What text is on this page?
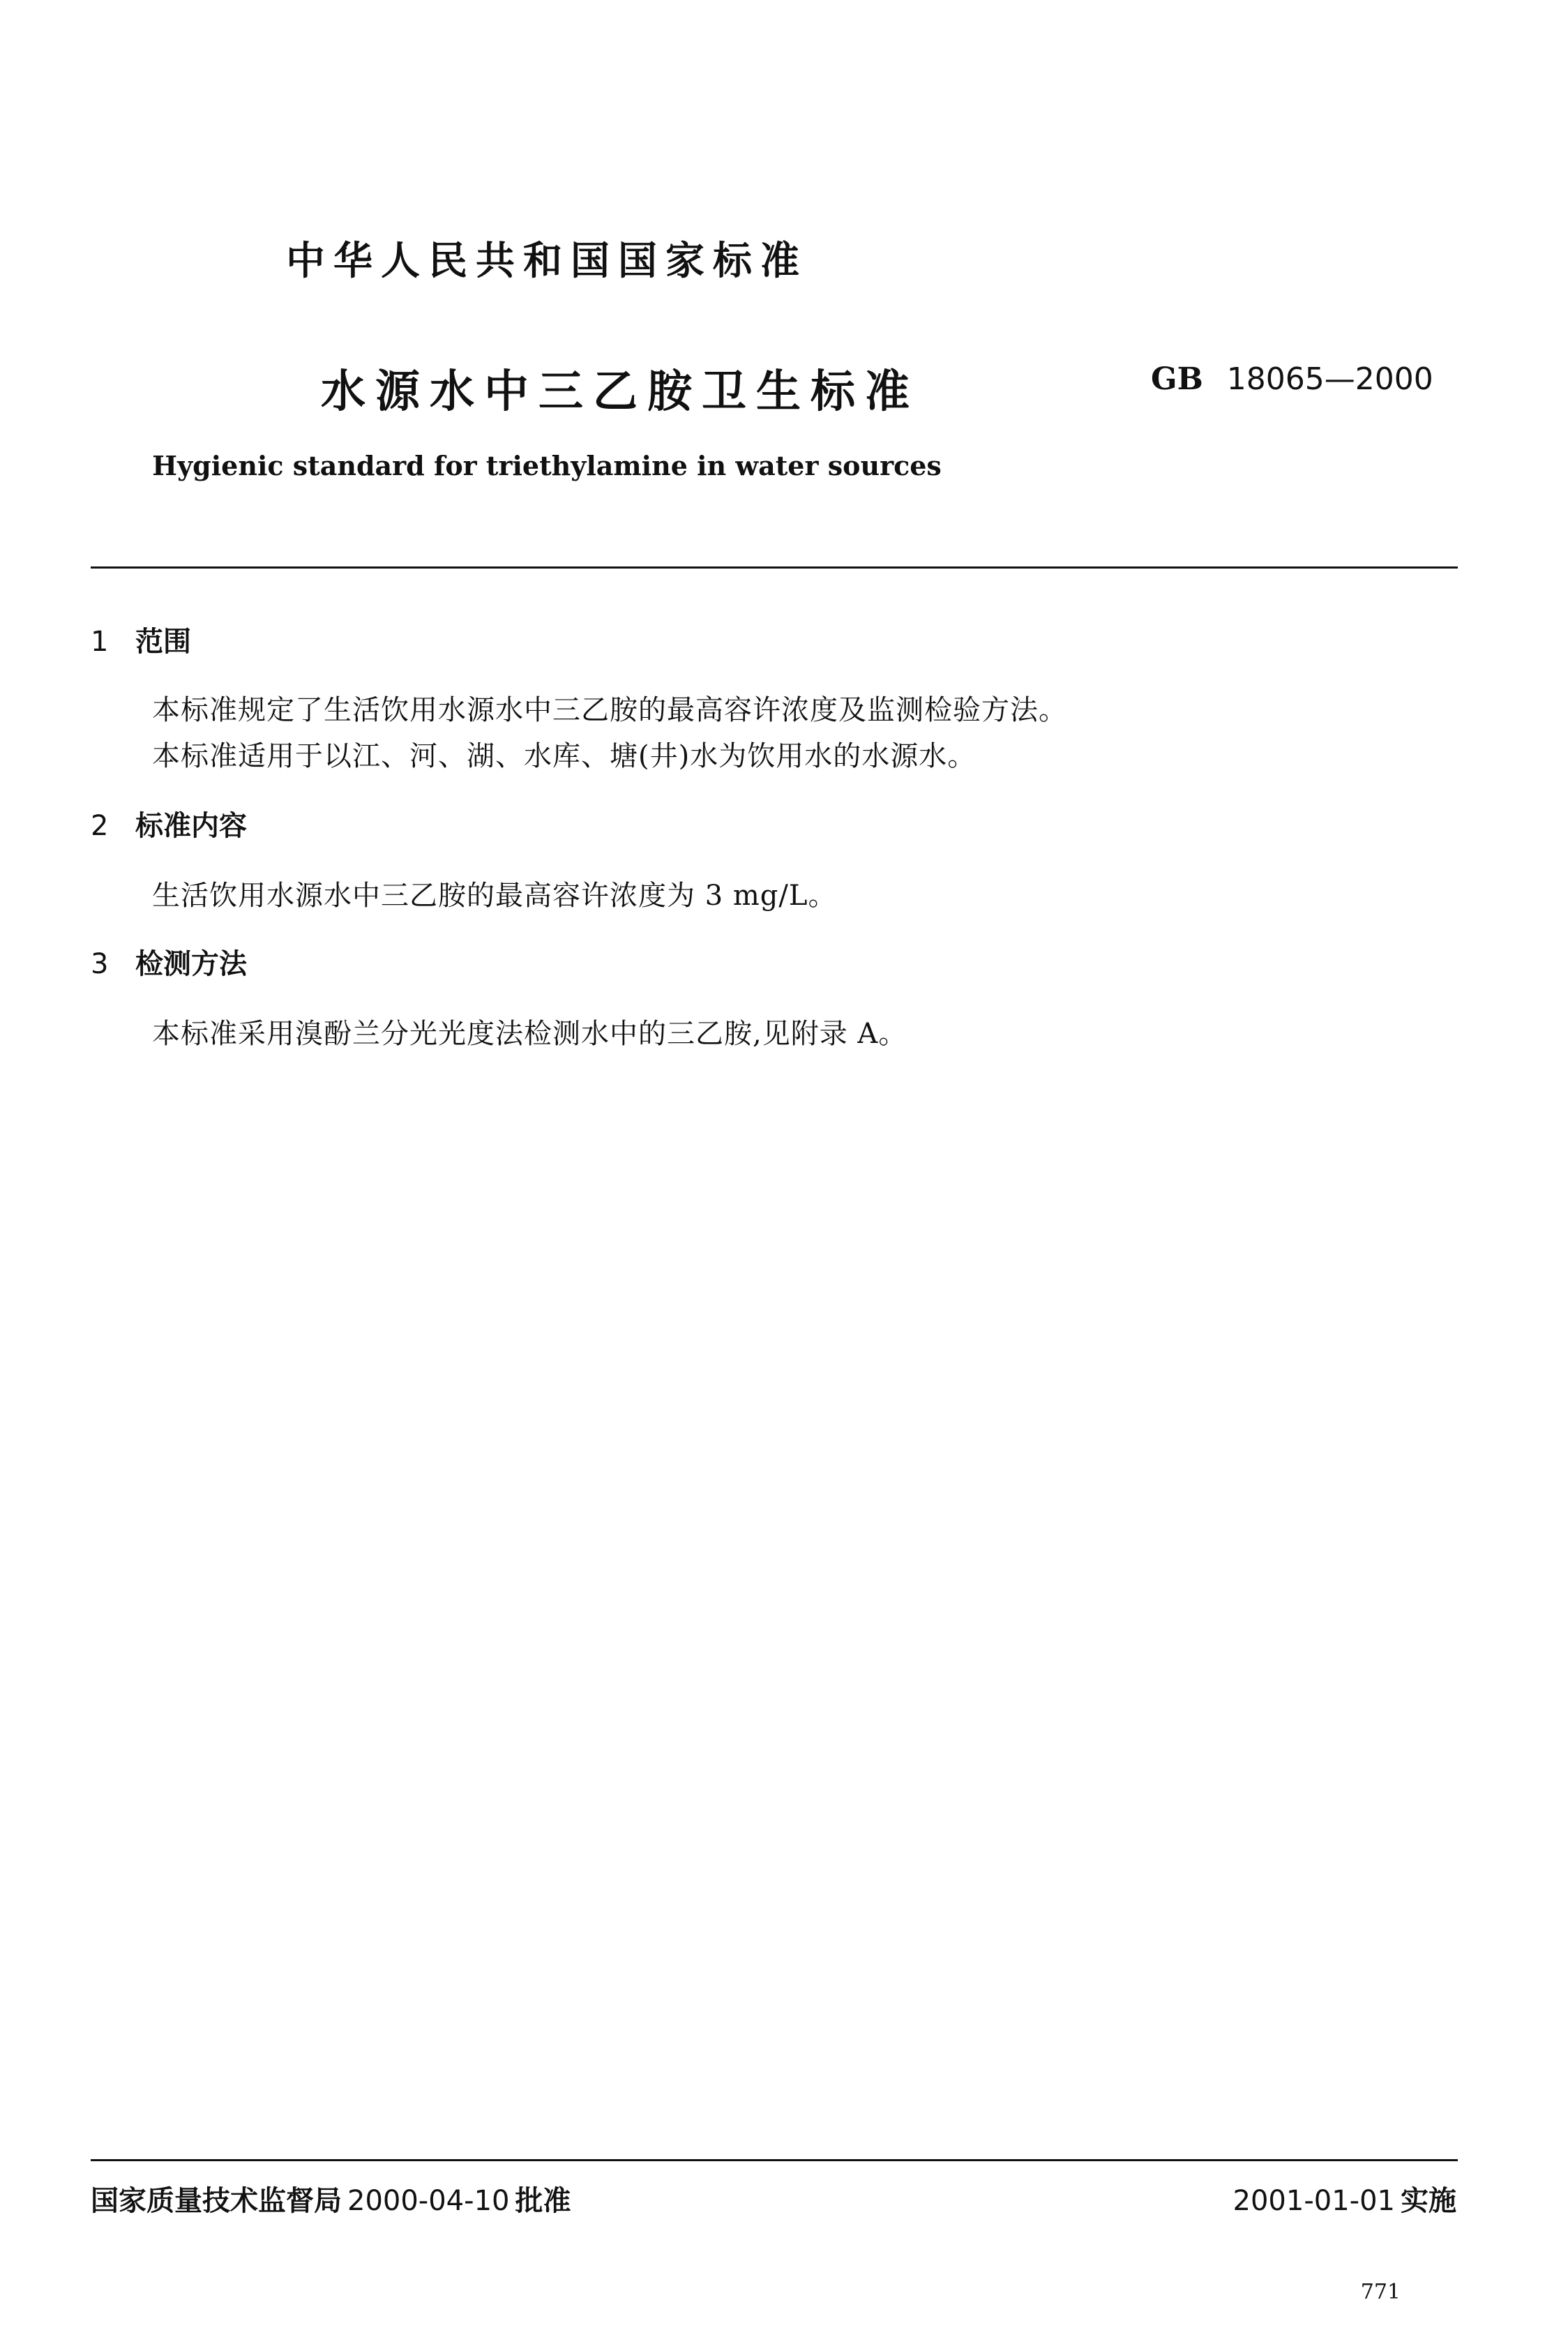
中华人民共和国国家标准
水源水中三乙胺卫生标准	GB 18065—2000
Hygienic standard for triethylamine in water sources
1 范围
本标准规定了生活饮用水源水中三乙胺的最高容许浓度及监测检验方法。
本标准适用于以江、河、湖、水库、塘(井)水为饮用水的水源水。
2 标准内容
生活饮用水源水中三乙胺的最高容许浓度为 3 mg/L。
3 检测方法
本标准采用溴酚兰分光光度法检测水中的三乙胺,见附录 A。
国家质量技术监督局 2000-04-10 批准	2001-01-01 实施
771
